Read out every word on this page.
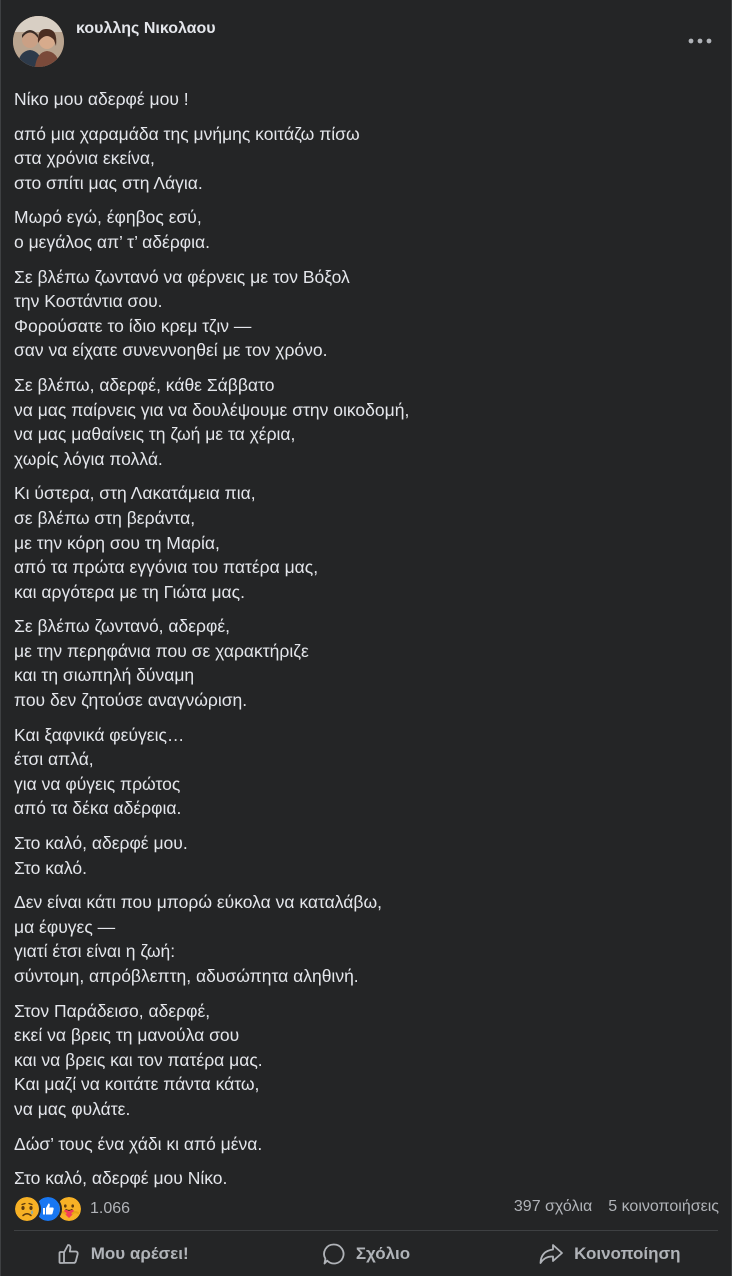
κουλλης Νικολαου
Νίκο μου αδερφέ μου !
από μια χαραμάδα της μνήμης κοιτάζω πίσω
στα χρόνια εκείνα,
στο σπίτι μας στη Λάγια.
Μωρό εγώ, έφηβος εσύ,
ο μεγάλος απ’ τ’ αδέρφια.
Σε βλέπω ζωντανό να φέρνεις με τον Βόξολ
την Κοστάντια σου.
Φορούσατε το ίδιο κρεμ τζιν —
σαν να είχατε συνεννοηθεί με τον χρόνο.
Σε βλέπω, αδερφέ, κάθε Σάββατο
να μας παίρνεις για να δουλέψουμε στην οικοδομή,
να μας μαθαίνεις τη ζωή με τα χέρια,
χωρίς λόγια πολλά.
Κι ύστερα, στη Λακατάμεια πια,
σε βλέπω στη βεράντα,
με την κόρη σου τη Μαρία,
από τα πρώτα εγγόνια του πατέρα μας,
και αργότερα με τη Γιώτα μας.
Σε βλέπω ζωντανό, αδερφέ,
με την περηφάνια που σε χαρακτήριζε
και τη σιωπηλή δύναμη
που δεν ζητούσε αναγνώριση.
Και ξαφνικά φεύγεις…
έτσι απλά,
για να φύγεις πρώτος
από τα δέκα αδέρφια.
Στο καλό, αδερφέ μου.
Στο καλό.
Δεν είναι κάτι που μπορώ εύκολα να καταλάβω,
μα έφυγες —
γιατί έτσι είναι η ζωή:
σύντομη, απρόβλεπτη, αδυσώπητα αληθινή.
Στον Παράδεισο, αδερφέ,
εκεί να βρεις τη μανούλα σου
και να βρεις και τον πατέρα μας.
Και μαζί να κοιτάτε πάντα κάτω,
να μας φυλάτε.
Δώσ’ τους ένα χάδι κι από μένα.
Στο καλό, αδερφέ μου Νίκο.
1.066	397 σχόλια 5 κοινοποιήσεις
Μου αρέσει!	Σχόλιο	Κοινοποίηση
